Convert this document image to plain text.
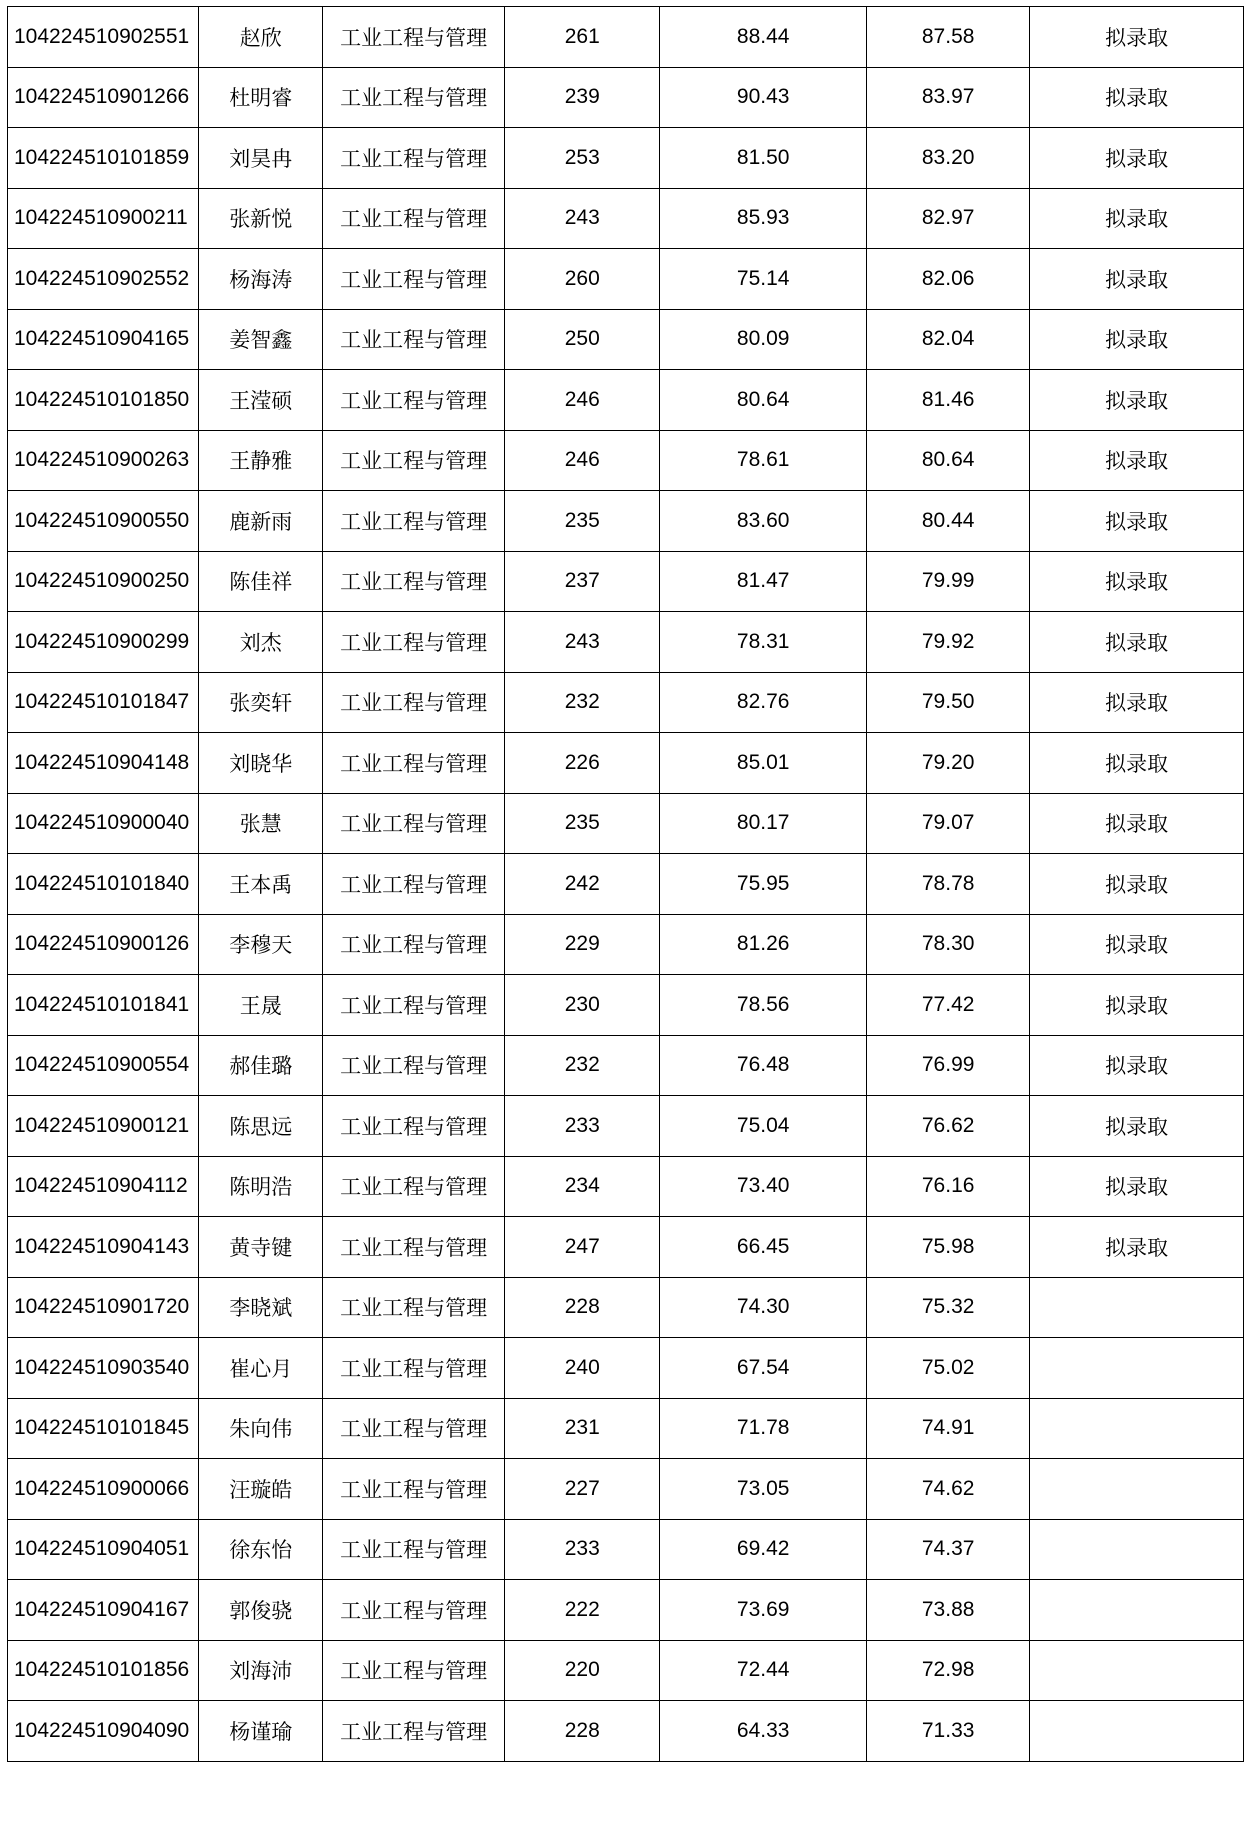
104224510902551	赵欣	工业工程与管理	261	88.44	87.58	拟录取
104224510901266	杜明睿	工业工程与管理	239	90.43	83.97	拟录取
104224510101859	刘昊冉	工业工程与管理	253	81.50	83.20	拟录取
104224510900211	张新悦	工业工程与管理	243	85.93	82.97	拟录取
104224510902552	杨海涛	工业工程与管理	260	75.14	82.06	拟录取
104224510904165	姜智鑫	工业工程与管理	250	80.09	82.04	拟录取
104224510101850	王滢硕	工业工程与管理	246	80.64	81.46	拟录取
104224510900263	王静雅	工业工程与管理	246	78.61	80.64	拟录取
104224510900550	鹿新雨	工业工程与管理	235	83.60	80.44	拟录取
104224510900250	陈佳祥	工业工程与管理	237	81.47	79.99	拟录取
104224510900299	刘杰	工业工程与管理	243	78.31	79.92	拟录取
104224510101847	张奕轩	工业工程与管理	232	82.76	79.50	拟录取
104224510904148	刘晓华	工业工程与管理	226	85.01	79.20	拟录取
104224510900040	张慧	工业工程与管理	235	80.17	79.07	拟录取
104224510101840	王本禹	工业工程与管理	242	75.95	78.78	拟录取
104224510900126	李穆天	工业工程与管理	229	81.26	78.30	拟录取
104224510101841	王晟	工业工程与管理	230	78.56	77.42	拟录取
104224510900554	郝佳璐	工业工程与管理	232	76.48	76.99	拟录取
104224510900121	陈思远	工业工程与管理	233	75.04	76.62	拟录取
104224510904112	陈明浩	工业工程与管理	234	73.40	76.16	拟录取
104224510904143	黄寺键	工业工程与管理	247	66.45	75.98	拟录取
104224510901720	李晓斌	工业工程与管理	228	74.30	75.32	
104224510903540	崔心月	工业工程与管理	240	67.54	75.02	
104224510101845	朱向伟	工业工程与管理	231	71.78	74.91	
104224510900066	汪璇皓	工业工程与管理	227	73.05	74.62	
104224510904051	徐东怡	工业工程与管理	233	69.42	74.37	
104224510904167	郭俊骁	工业工程与管理	222	73.69	73.88	
104224510101856	刘海沛	工业工程与管理	220	72.44	72.98	
104224510904090	杨谨瑜	工业工程与管理	228	64.33	71.33	
